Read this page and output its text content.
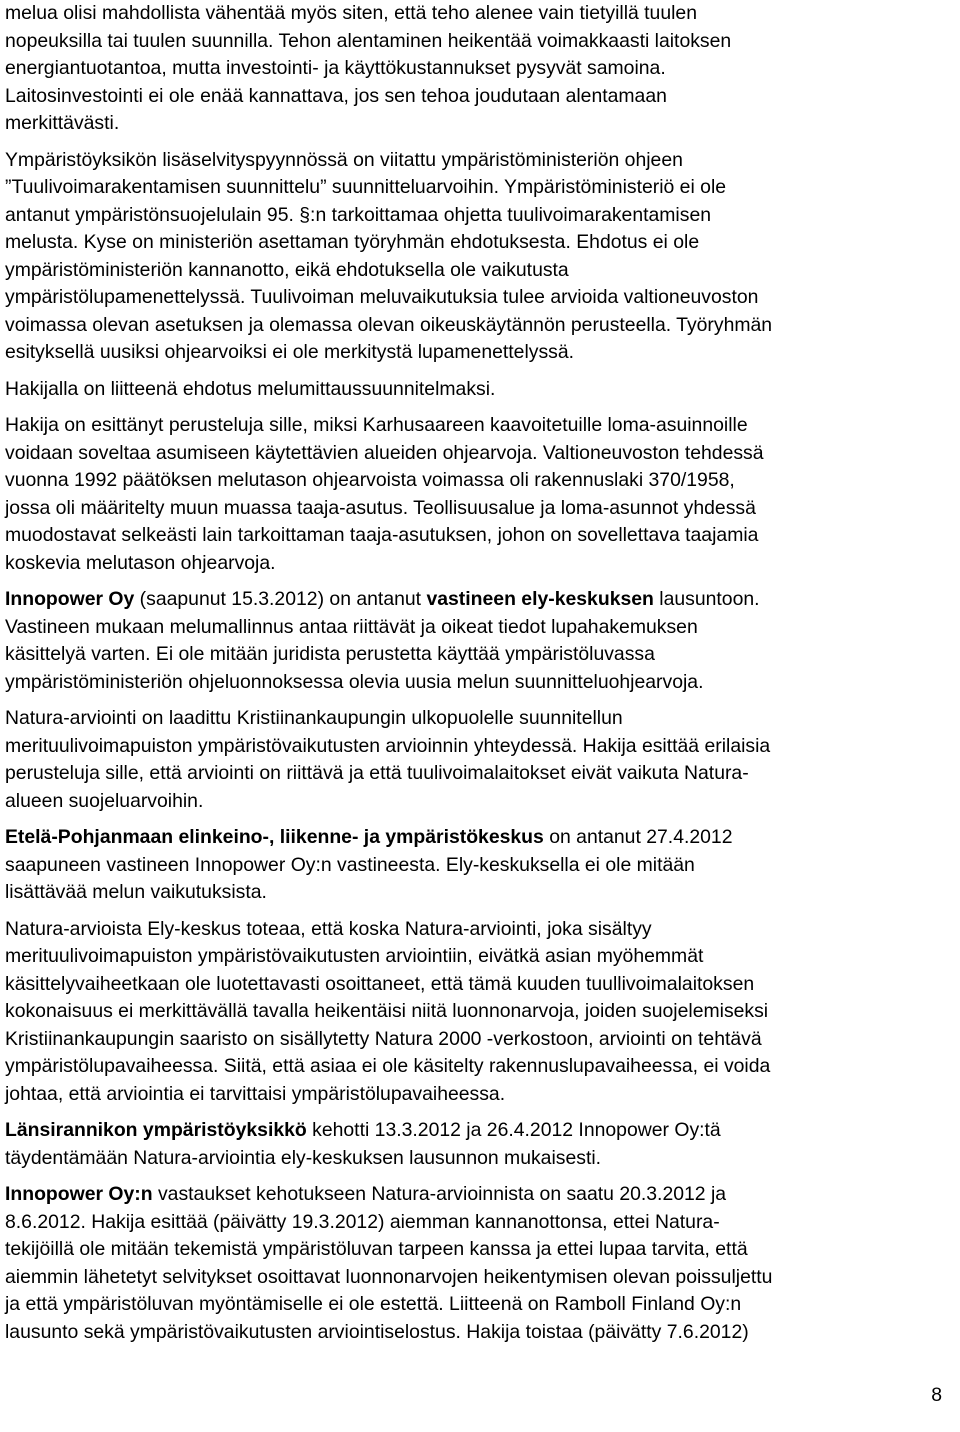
melua olisi mahdollista vähentää myös siten, että teho alenee vain tietyillä tuulen
nopeuksilla tai tuulen suunnilla. Tehon alentaminen heikentää voimakkaasti laitoksen
energiantuotantoa, mutta investointi- ja käyttökustannukset pysyvät samoina.
Laitosinvestointi ei ole enää kannattava, jos sen tehoa joudutaan alentamaan
merkittävästi.

Ympäristöyksikön lisäselvityspyynnössä on viitattu ympäristöministeriön ohjeen
”Tuulivoimarakentamisen suunnittelu” suunnitteluarvoihin. Ympäristöministeriö ei ole
antanut ympäristönsuojelulain 95. §:n tarkoittamaa ohjetta tuulivoimarakentamisen
melusta. Kyse on ministeriön asettaman työryhmän ehdotuksesta. Ehdotus ei ole
ympäristöministeriön kannanotto, eikä ehdotuksella ole vaikutusta
ympäristölupamenettelyssä. Tuulivoiman meluvaikutuksia tulee arvioida valtioneuvoston
voimassa olevan asetuksen ja olemassa olevan oikeuskäytännön perusteella. Työryhmän
esityksellä uusiksi ohjearvoiksi ei ole merkitystä lupamenettelyssä.

Hakijalla on liitteenä ehdotus melumittaussuunnitelmaksi.

Hakija on esittänyt perusteluja sille, miksi Karhusaareen kaavoitetuille loma-asuinnoille
voidaan soveltaa asumiseen käytettävien alueiden ohjearvoja. Valtioneuvoston tehdessä
vuonna 1992 päätöksen melutason ohjearvoista voimassa oli rakennuslaki 370/1958,
jossa oli määritelty muun muassa taaja-asutus. Teollisuusalue ja loma-asunnot yhdessä
muodostavat selkeästi lain tarkoittaman taaja-asutuksen, johon on sovellettava taajamia
koskevia melutason ohjearvoja.

Innopower Oy (saapunut 15.3.2012) on antanut vastineen ely-keskuksen lausuntoon.
Vastineen mukaan melumallinnus antaa riittävät ja oikeat tiedot lupahakemuksen
käsittelyä varten. Ei ole mitään juridista perustetta käyttää ympäristöluvassa
ympäristöministeriön ohjeluonnoksessa olevia uusia melun suunnitteluohjearvoja.

Natura-arviointi on laadittu Kristiinankaupungin ulkopuolelle suunnitellun
merituulivoimapuiston ympäristövaikutusten arvioinnin yhteydessä. Hakija esittää erilaisia
perusteluja sille, että arviointi on riittävä ja että tuulivoimalaitokset eivät vaikuta Natura-
alueen suojeluarvoihin.

Etelä-Pohjanmaan elinkeino-, liikenne- ja ympäristökeskus on antanut 27.4.2012
saapuneen vastineen Innopower Oy:n vastineesta. Ely-keskuksella ei ole mitään
lisättävää melun vaikutuksista.

Natura-arvioista Ely-keskus toteaa, että koska Natura-arviointi, joka sisältyy
merituulivoimapuiston ympäristövaikutusten arviointiin, eivätkä asian myöhemmät
käsittelyvaiheetkaan ole luotettavasti osoittaneet, että tämä kuuden tuullivoimalaitoksen
kokonaisuus ei merkittävällä tavalla heikentäisi niitä luonnonarvoja, joiden suojelemiseksi
Kristiinankaupungin saaristo on sisällytetty Natura 2000 -verkostoon, arviointi on tehtävä
ympäristölupavaiheessa. Siitä, että asiaa ei ole käsitelty rakennuslupavaiheessa, ei voida
johtaa, että arviointia ei tarvittaisi ympäristölupavaiheessa.

Länsirannikon ympäristöyksikkö kehotti 13.3.2012 ja 26.4.2012 Innopower Oy:tä
täydentämään Natura-arviointia ely-keskuksen lausunnon mukaisesti.

Innopower Oy:n vastaukset kehotukseen Natura-arvioinnista on saatu 20.3.2012 ja
8.6.2012. Hakija esittää (päivätty 19.3.2012) aiemman kannanottonsa, ettei Natura-
tekijöillä ole mitään tekemistä ympäristöluvan tarpeen kanssa ja ettei lupaa tarvita, että
aiemmin lähetetyt selvitykset osoittavat luonnonarvojen heikentymisen olevan poissuljettu
ja että ympäristöluvan myöntämiselle ei ole estettä. Liitteenä on Ramboll Finland Oy:n
lausunto sekä ympäristövaikutusten arviointiselostus. Hakija toistaa (päivätty 7.6.2012)

8
